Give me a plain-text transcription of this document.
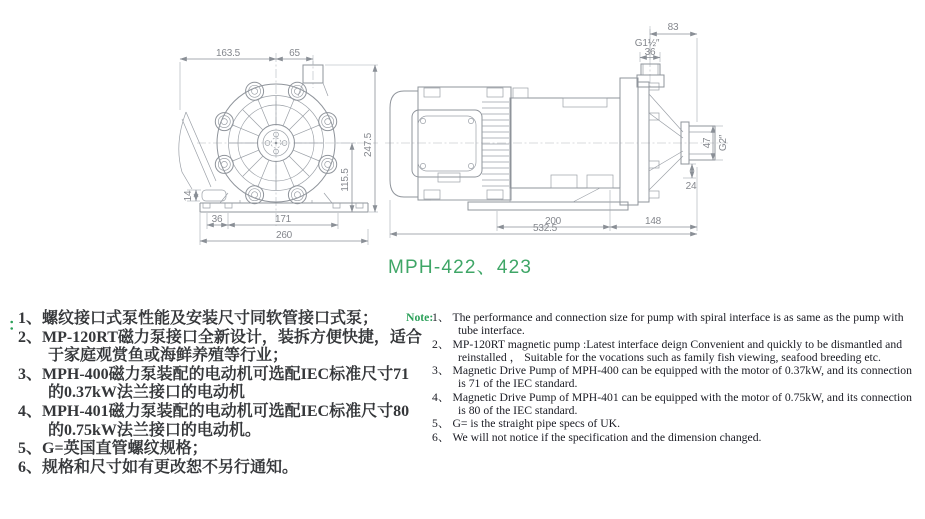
163.5	65
247.5
115.5
14
36	171
260
83
G1½″
36
47 G2″
24
200	148
532.5
MPH-422、423
：
1、螺纹接口式泵性能及安装尺寸同软管接口式泵；
2、MP-120RT磁力泵接口全新设计，装拆方便快捷，适合于家庭观赏鱼或海鲜养殖等行业；
3、MPH-400磁力泵装配的电动机可选配IEC标准尺寸71的0.37kW法兰接口的电动机
4、MPH-401磁力泵装配的电动机可选配IEC标准尺寸80的0.75kW法兰接口的电动机。
5、G=英国直管螺纹规格；
6、规格和尺寸如有更改恕不另行通知。
Note:
1、 The performance and connection size for pump with spiral interface is as same as the pump with tube interface.
2、 MP-120RT magnetic pump :Latest interface deign Convenient and quickly to be dismantled and reinstalled ， Suitable for the vocations such as family fish viewing, seafood breeding etc.
3、 Magnetic Drive Pump of MPH-400 can be equipped with the motor of 0.37kW, and its connection is 71 of the IEC standard.
4、 Magnetic Drive Pump of MPH-401 can be equipped with the motor of 0.75kW, and its connection is 80 of the IEC standard.
5、 G= is the straight pipe specs of UK.
6、 We will not notice if the specification and the dimension changed.
